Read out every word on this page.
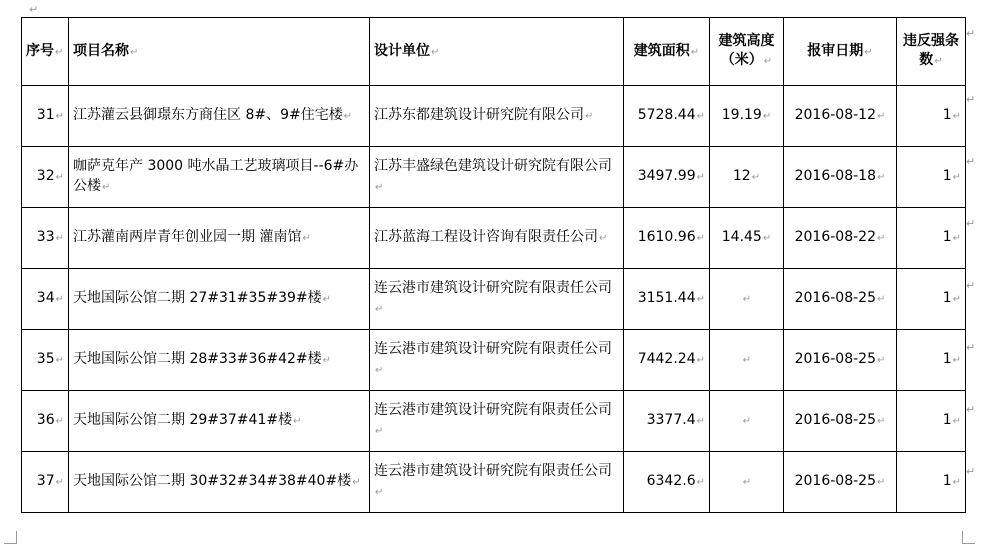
↵
序号↵	项目名称↵	设计单位↵	建筑面积↵	建筑高度（米）↵	报审日期↵	违反强条数↵
31↵	江苏灌云县御璟东方商住区 8#、9#住宅楼↵	江苏东都建筑设计研究院有限公司↵	5728.44↵	19.19↵	2016-08-12↵	1↵
32↵	咖萨克年产 3000 吨水晶工艺玻璃项目--6#办公楼↵	江苏丰盛绿色建筑设计研究院有限公司↵	3497.99↵	12↵	2016-08-18↵	1↵
33↵	江苏灌南两岸青年创业园一期 灌南馆↵	江苏蓝海工程设计咨询有限责任公司↵	1610.96↵	14.45↵	2016-08-22↵	1↵
34↵	天地国际公馆二期 27#31#35#39#楼↵	连云港市建筑设计研究院有限责任公司↵	3151.44↵	↵	2016-08-25↵	1↵
35↵	天地国际公馆二期 28#33#36#42#楼↵	连云港市建筑设计研究院有限责任公司↵	7442.24↵	↵	2016-08-25↵	1↵
36↵	天地国际公馆二期 29#37#41#楼↵	连云港市建筑设计研究院有限责任公司↵	3377.4↵	↵	2016-08-25↵	1↵
37↵	天地国际公馆二期 30#32#34#38#40#楼↵	连云港市建筑设计研究院有限责任公司↵	6342.6↵	↵	2016-08-25↵	1↵
↵
↵
↵
↵
↵
↵
↵
↵
